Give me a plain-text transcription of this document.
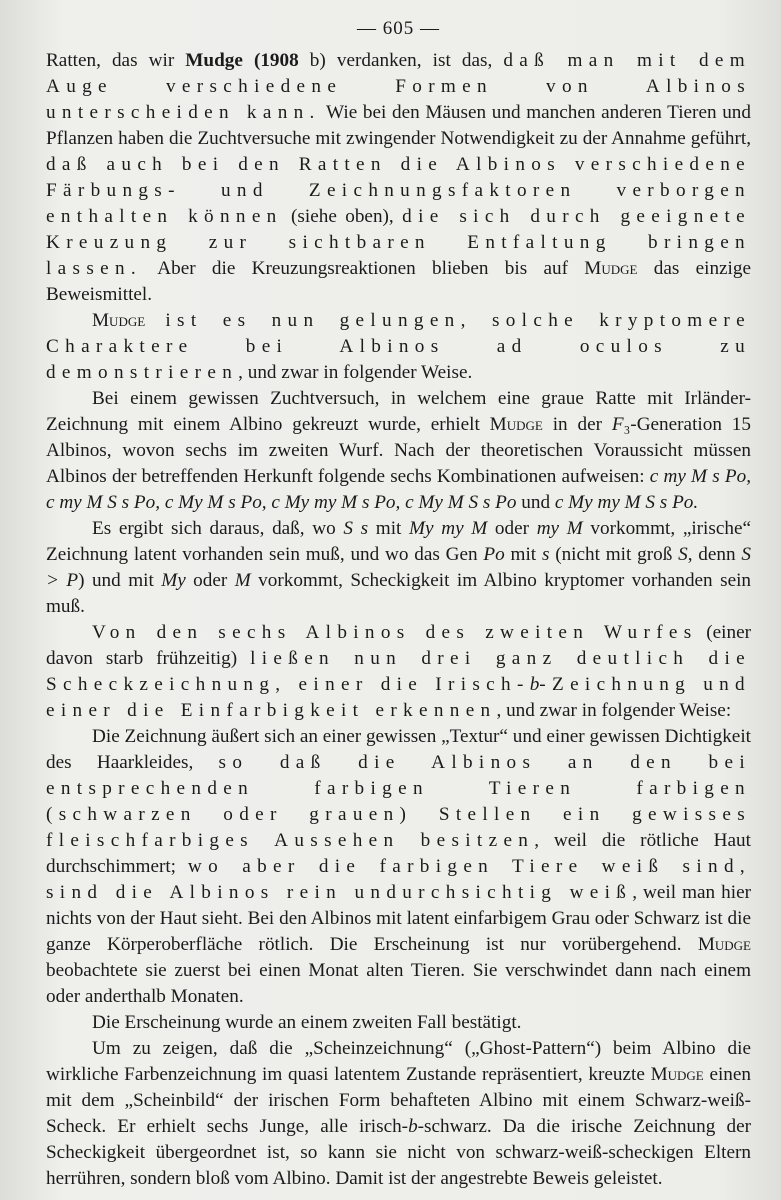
— 605 —

Ratten, das wir Mudge (1908 b) verdanken, ist das, daß man mit dem Auge verschiedene Formen von Albinos unterscheiden kann. Wie bei den Mäusen und manchen anderen Tieren und Pflanzen haben die Zuchtversuche mit zwingender Notwendigkeit zu der Annahme geführt, daß auch bei den Ratten die Albinos verschiedene Färbungs- und Zeichnungsfaktoren verborgen enthalten können (siehe oben), die sich durch geeignete Kreuzung zur sichtbaren Entfaltung bringen lassen. Aber die Kreuzungsreaktionen blieben bis auf Mudge das einzige Beweismittel.

Mudge ist es nun gelungen, solche kryptomere Charaktere bei Albinos ad oculos zu demonstrieren, und zwar in folgender Weise.

Bei einem gewissen Zuchtversuch, in welchem eine graue Ratte mit Irländer-Zeichnung mit einem Albino gekreuzt wurde, erhielt Mudge in der F₃-Generation 15 Albinos, wovon sechs im zweiten Wurf. Nach der theoretischen Voraussicht müssen Albinos der betreffenden Herkunft folgende sechs Kombinationen aufweisen: c my M s Po, c my M S s Po, c My M s Po, c My my M s Po, c My M S s Po und c My my M S s Po.

Es ergibt sich daraus, daß, wo S s mit My my M oder my M vorkommt, „irische“ Zeichnung latent vorhanden sein muß, und wo das Gen Po mit s (nicht mit groß S, denn S > P) und mit My oder M vorkommt, Scheckigkeit im Albino kryptomer vorhanden sein muß.

Von den sechs Albinos des zweiten Wurfes (einer davon starb frühzeitig) ließen nun drei ganz deutlich die Scheckzeichnung, einer die Irisch-b-Zeichnung und einer die Einfarbigkeit erkennen, und zwar in folgender Weise:

Die Zeichnung äußert sich an einer gewissen „Textur“ und einer gewissen Dichtigkeit des Haarkleides, so daß die Albinos an den bei entsprechenden farbigen Tieren farbigen (schwarzen oder grauen) Stellen ein gewisses fleischfarbiges Aussehen besitzen, weil die rötliche Haut durchschimmert; wo aber die farbigen Tiere weiß sind, sind die Albinos rein undurchsichtig weiß, weil man hier nichts von der Haut sieht. Bei den Albinos mit latent einfarbigem Grau oder Schwarz ist die ganze Körperoberfläche rötlich. Die Erscheinung ist nur vorübergehend. Mudge beobachtete sie zuerst bei einen Monat alten Tieren. Sie verschwindet dann nach einem oder anderthalb Monaten.

Die Erscheinung wurde an einem zweiten Fall bestätigt.

Um zu zeigen, daß die „Scheinzeichnung“ („Ghost-Pattern“) beim Albino die wirkliche Farbenzeichnung im quasi latentem Zustande repräsentiert, kreuzte Mudge einen mit dem „Scheinbild“ der irischen Form behafteten Albino mit einem Schwarz-weiß-Scheck. Er erhielt sechs Junge, alle irisch-b-schwarz. Da die irische Zeichnung der Scheckigkeit übergeordnet ist, so kann sie nicht von schwarz-weiß-scheckigen Eltern herrühren, sondern bloß vom Albino. Damit ist der angestrebte Beweis geleistet.
